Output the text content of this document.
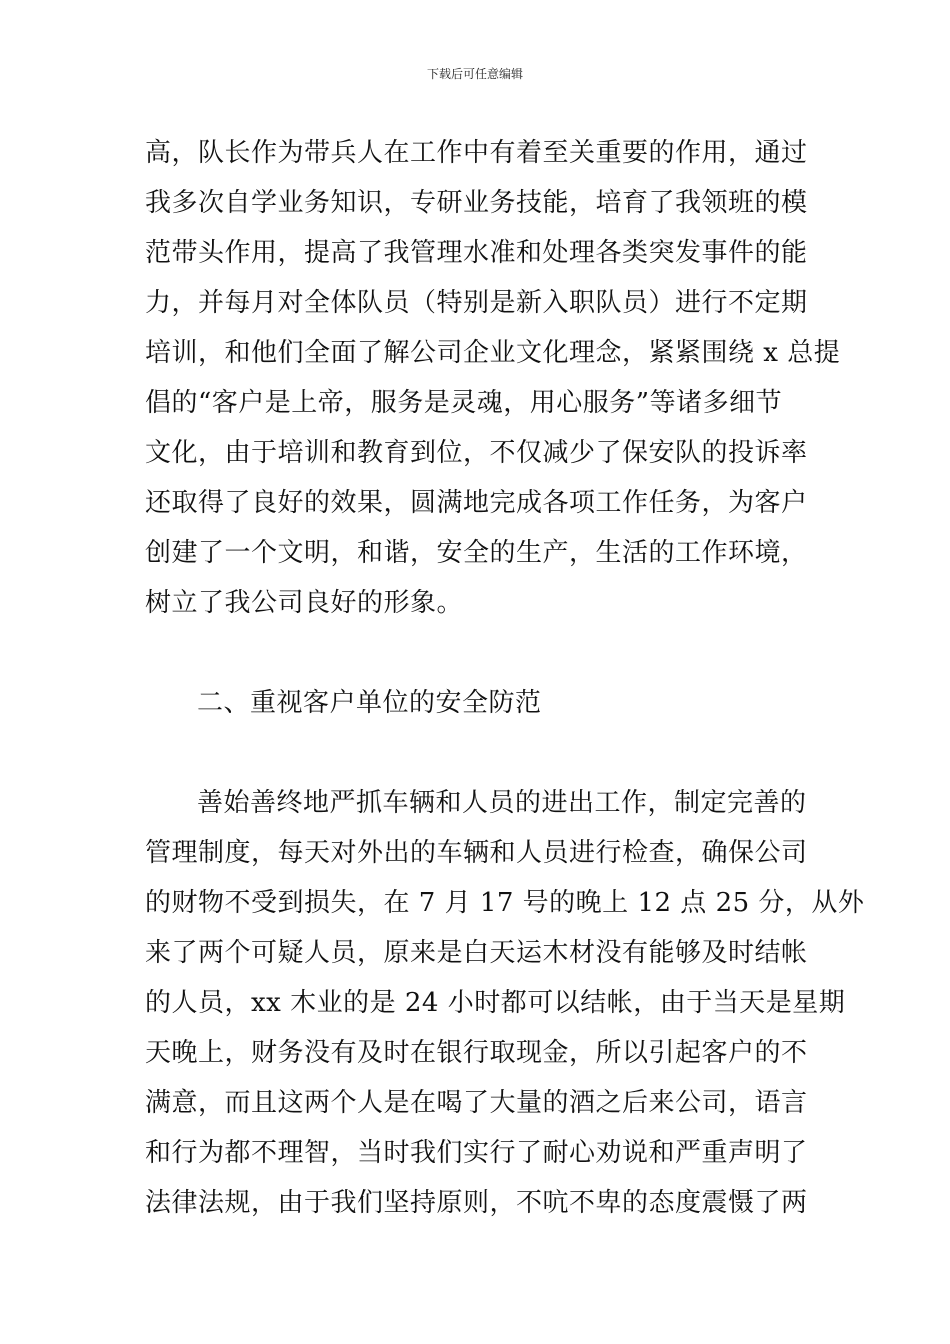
下载后可任意编辑
高，队长作为带兵人在工作中有着至关重要的作用，通过
我多次自学业务知识，专研业务技能，培育了我领班的模
范带头作用，提高了我管理水准和处理各类突发事件的能
力，并每月对全体队员（特别是新入职队员）进行不定期
培训，和他们全面了解公司企业文化理念，紧紧围绕 x 总提
倡的“客户是上帝，服务是灵魂，用心服务”等诸多细节
文化，由于培训和教育到位，不仅减少了保安队的投诉率
还取得了良好的效果，圆满地完成各项工作任务，为客户
创建了一个文明，和谐，安全的生产，生活的工作环境，
树立了我公司良好的形象。
二、重视客户单位的安全防范
善始善终地严抓车辆和人员的进出工作，制定完善的
管理制度，每天对外出的车辆和人员进行检查，确保公司
的财物不受到损失，在 7 月 17 号的晚上 12 点 25 分，从外
来了两个可疑人员，原来是白天运木材没有能够及时结帐
的人员，xx 木业的是 24 小时都可以结帐，由于当天是星期
天晚上，财务没有及时在银行取现金，所以引起客户的不
满意，而且这两个人是在喝了大量的酒之后来公司，语言
和行为都不理智，当时我们实行了耐心劝说和严重声明了
法律法规，由于我们坚持原则，不吭不卑的态度震慑了两
